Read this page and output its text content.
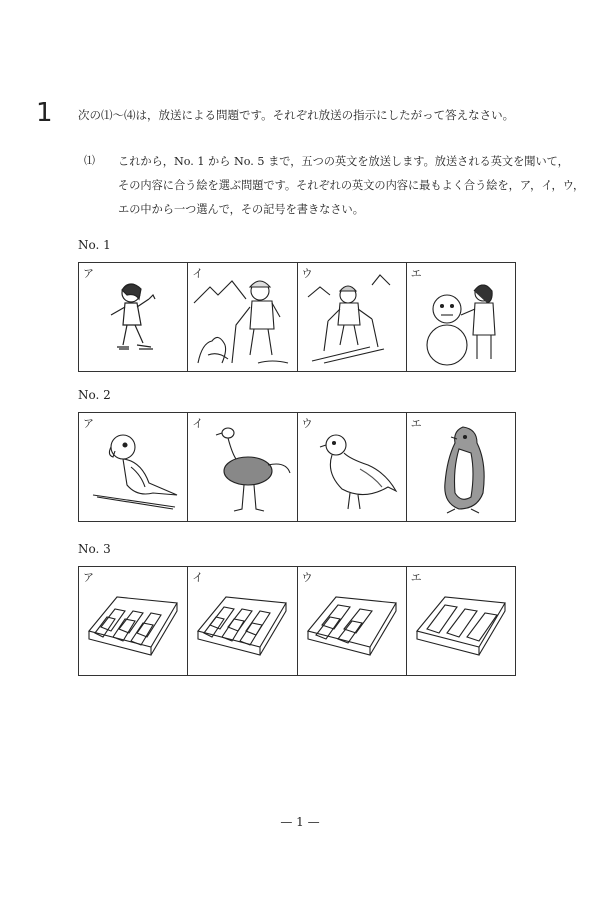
1 次の⑴〜⑷は，放送による問題です。それぞれ放送の指示にしたがって答えなさい。
⑴ これから，No. 1 から No. 5 まで，五つの英文を放送します。放送される英文を聞いて，
その内容に合う絵を選ぶ問題です。それぞれの英文の内容に最もよく合う絵を，ア，イ，ウ，
エの中から一つ選んで，その記号を書きなさい。
No. 1
ア	イ	ウ	エ
No. 2
ア	イ	ウ	エ
No. 3
ア	イ	ウ	エ
— 1 —
